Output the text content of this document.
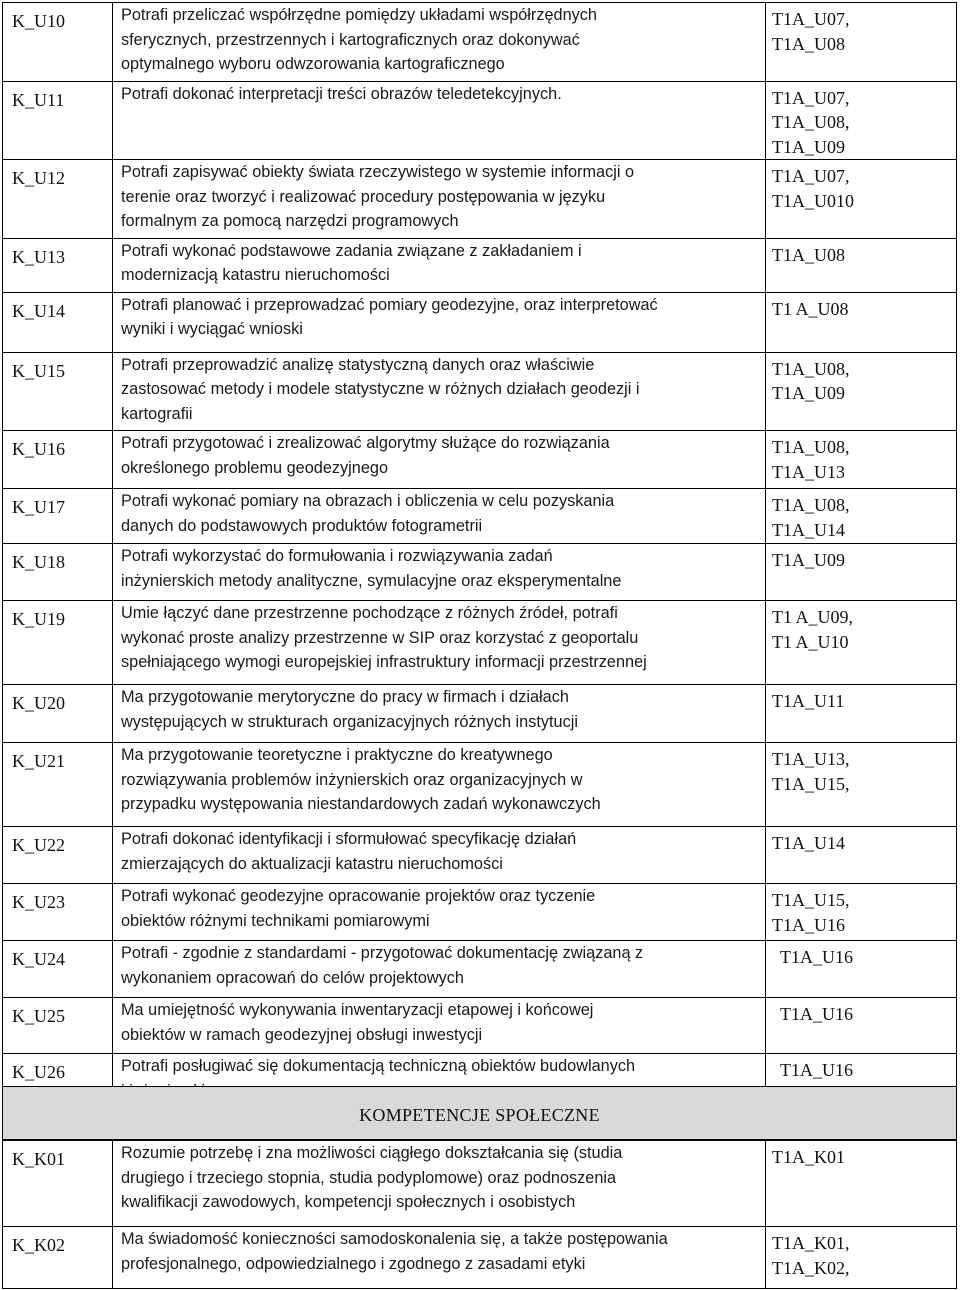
K_U10	Potrafi przeliczać współrzędne pomiędzy układami współrzędnych
sferycznych, przestrzennych i kartograficznych oraz dokonywać
optymalnego wyboru odwzorowania kartograficznego	T1A_U07,
T1A_U08

K_U11	Potrafi dokonać interpretacji treści obrazów teledetekcyjnych.	T1A_U07,
T1A_U08,
T1A_U09

K_U12	Potrafi zapisywać obiekty świata rzeczywistego w systemie informacji o
terenie oraz tworzyć i realizować procedury postępowania w języku
formalnym za pomocą narzędzi programowych	T1A_U07,
T1A_U010

K_U13	Potrafi wykonać podstawowe zadania związane z zakładaniem i
modernizacją katastru nieruchomości	T1A_U08

K_U14	Potrafi planować i przeprowadzać pomiary geodezyjne, oraz interpretować
wyniki i wyciągać wnioski	T1 A_U08

K_U15	Potrafi przeprowadzić analizę statystyczną danych oraz właściwie
zastosować metody i modele statystyczne w różnych działach geodezji i
kartografii	T1A_U08,
T1A_U09

K_U16	Potrafi przygotować i zrealizować algorytmy służące do rozwiązania
określonego problemu geodezyjnego	T1A_U08,
T1A_U13

K_U17	Potrafi wykonać pomiary na obrazach i obliczenia w celu pozyskania
danych do podstawowych produktów fotogrametrii	T1A_U08,
T1A_U14

K_U18	Potrafi wykorzystać do formułowania i rozwiązywania zadań
inżynierskich metody analityczne, symulacyjne oraz eksperymentalne	T1A_U09

K_U19	Umie łączyć dane przestrzenne pochodzące z różnych źródeł, potrafi
wykonać proste analizy przestrzenne w SIP oraz korzystać z geoportalu
spełniającego wymogi europejskiej infrastruktury informacji przestrzennej	T1 A_U09,
T1 A_U10

K_U20	Ma przygotowanie merytoryczne do pracy w firmach i działach
występujących w strukturach organizacyjnych różnych instytucji	T1A_U11

K_U21	Ma przygotowanie teoretyczne i praktyczne do kreatywnego
rozwiązywania problemów inżynierskich oraz organizacyjnych w
przypadku występowania niestandardowych zadań wykonawczych	T1A_U13,
T1A_U15,

K_U22	Potrafi dokonać identyfikacji i sformułować specyfikację działań
zmierzających do aktualizacji katastru nieruchomości	T1A_U14

K_U23	Potrafi wykonać geodezyjne opracowanie projektów oraz tyczenie
obiektów różnymi technikami pomiarowymi	T1A_U15,
T1A_U16

K_U24	Potrafi - zgodnie z standardami - przygotować dokumentację związaną z
wykonaniem opracowań do celów projektowych	T1A_U16

K_U25	Ma umiejętność wykonywania inwentaryzacji etapowej i końcowej
obiektów w ramach geodezyjnej obsługi inwestycji	T1A_U16

K_U26	Potrafi posługiwać się dokumentacją techniczną obiektów budowlanych	T1A_U16
KOMPETENCJE SPOŁECZNE
K_K01	Rozumie potrzebę i zna możliwości ciągłego dokształcania się (studia
drugiego i trzeciego stopnia, studia podyplomowe) oraz podnoszenia
kwalifikacji zawodowych, kompetencji społecznych i osobistych	T1A_K01

K_K02	Ma świadomość konieczności samodoskonalenia się, a także postępowania
profesjonalnego, odpowiedzialnego i zgodnego z zasadami etyki	T1A_K01,
T1A_K02,
